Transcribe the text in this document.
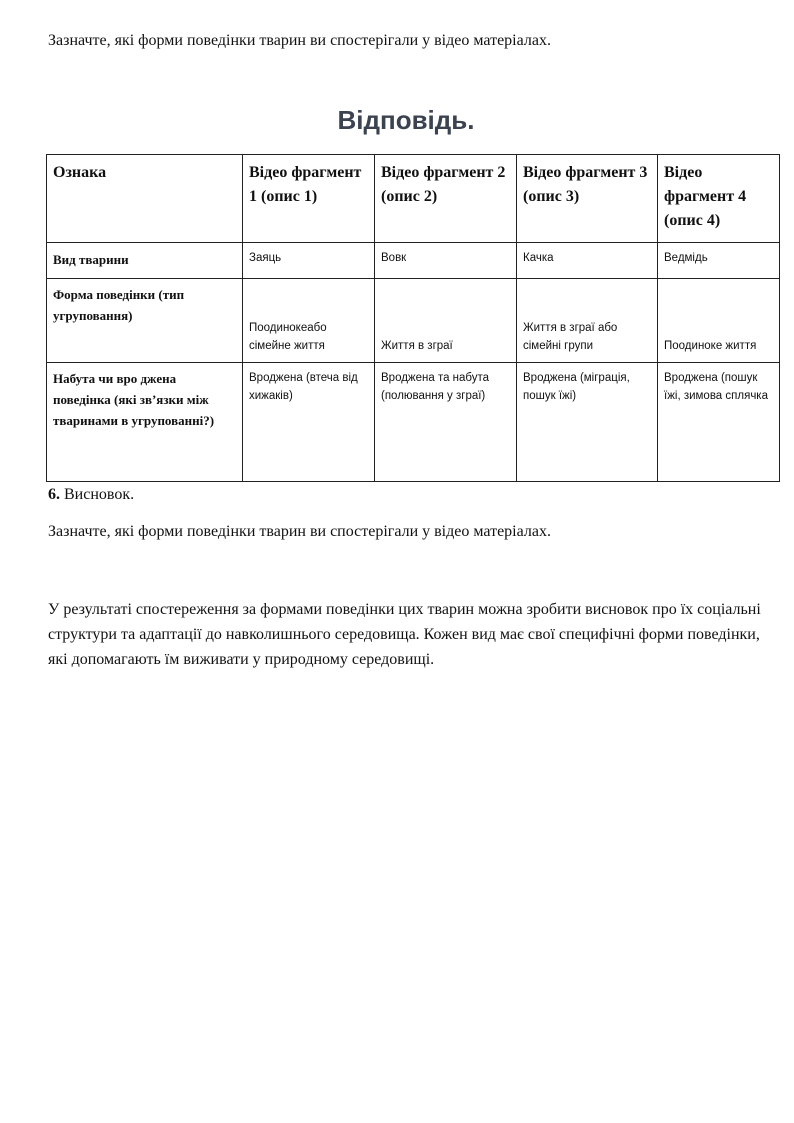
Зазначте, які форми поведінки тварин ви спостерігали у відео матеріалах.

Відповідь.
Ознака	Відео фрагмент 1 (опис 1)	Відео фрагмент 2 (опис 2)	Відео фрагмент 3 (опис 3)	Відео фрагмент 4 (опис 4)
Вид тварини	Заяць	Вовк	Качка	Ведмідь
Форма поведінки (тип угруповання)	Поодинокеабо сімейне життя	Життя в зграї	Життя в зграї або сімейні групи	Поодиноке життя
Набута чи вро джена поведінка (які зв’язки між тваринами в угрупованні?)	Вроджена (втеча від хижаків)	Вроджена та набута (полювання у зграї)	Вроджена (міграція, пошук їжі)	Вроджена (пошук їжі, зимова сплячка

6. Висновок.

Зазначте, які форми поведінки тварин ви спостерігали у відео матеріалах.

У результаті спостереження за формами поведінки цих тварин можна зробити висновок про їх соціальні структури та адаптації до навколишнього середовища. Кожен вид має свої специфічні форми поведінки, які допомагають їм виживати у природному середовищі.
